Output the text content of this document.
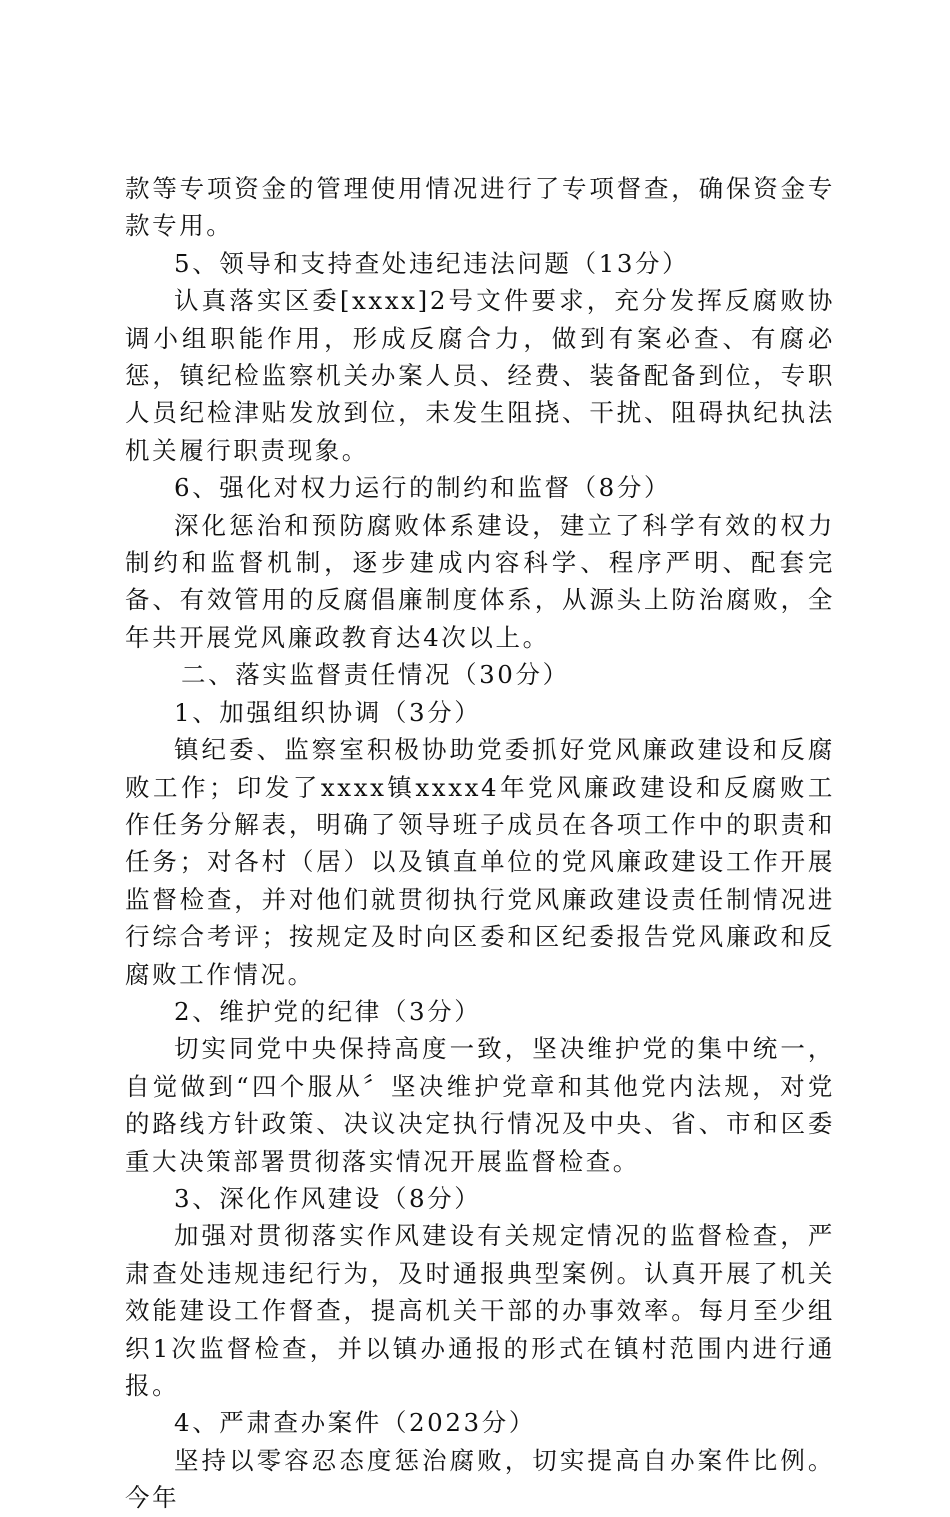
款等专项资金的管理使用情况进行了专项督查，确保资金专款专用。

5、领导和支持查处违纪违法问题（13分）

认真落实区委[xxxx]2号文件要求，充分发挥反腐败协调小组职能作用，形成反腐合力，做到有案必查、有腐必惩，镇纪检监察机关办案人员、经费、装备配备到位，专职人员纪检津贴发放到位，未发生阻挠、干扰、阻碍执纪执法机关履行职责现象。

6、强化对权力运行的制约和监督（8分）

深化惩治和预防腐败体系建设，建立了科学有效的权力制约和监督机制，逐步建成内容科学、程序严明、配套完备、有效管用的反腐倡廉制度体系，从源头上防治腐败，全年共开展党风廉政教育达4次以上。

二、落实监督责任情况（30分）

1、加强组织协调（3分）

镇纪委、监察室积极协助党委抓好党风廉政建设和反腐败工作；印发了xxxx镇xxxx4年党风廉政建设和反腐败工作任务分解表，明确了领导班子成员在各项工作中的职责和任务；对各村（居）以及镇直单位的党风廉政建设工作开展监督检查，并对他们就贯彻执行党风廉政建设责任制情况进行综合考评；按规定及时向区委和区纪委报告党风廉政和反腐败工作情况。

2、维护党的纪律（3分）

切实同党中央保持高度一致，坚决维护党的集中统一，自觉做到“四个服从〞坚决维护党章和其他党内法规，对党的路线方针政策、决议决定执行情况及中央、省、市和区委重大决策部署贯彻落实情况开展监督检查。

3、深化作风建设（8分）

加强对贯彻落实作风建设有关规定情况的监督检查，严肃查处违规违纪行为，及时通报典型案例。认真开展了机关效能建设工作督查，提高机关干部的办事效率。每月至少组织1次监督检查，并以镇办通报的形式在镇村范围内进行通报。

4、严肃查办案件（2023分）

坚持以零容忍态度惩治腐败，切实提高自办案件比例。今年
